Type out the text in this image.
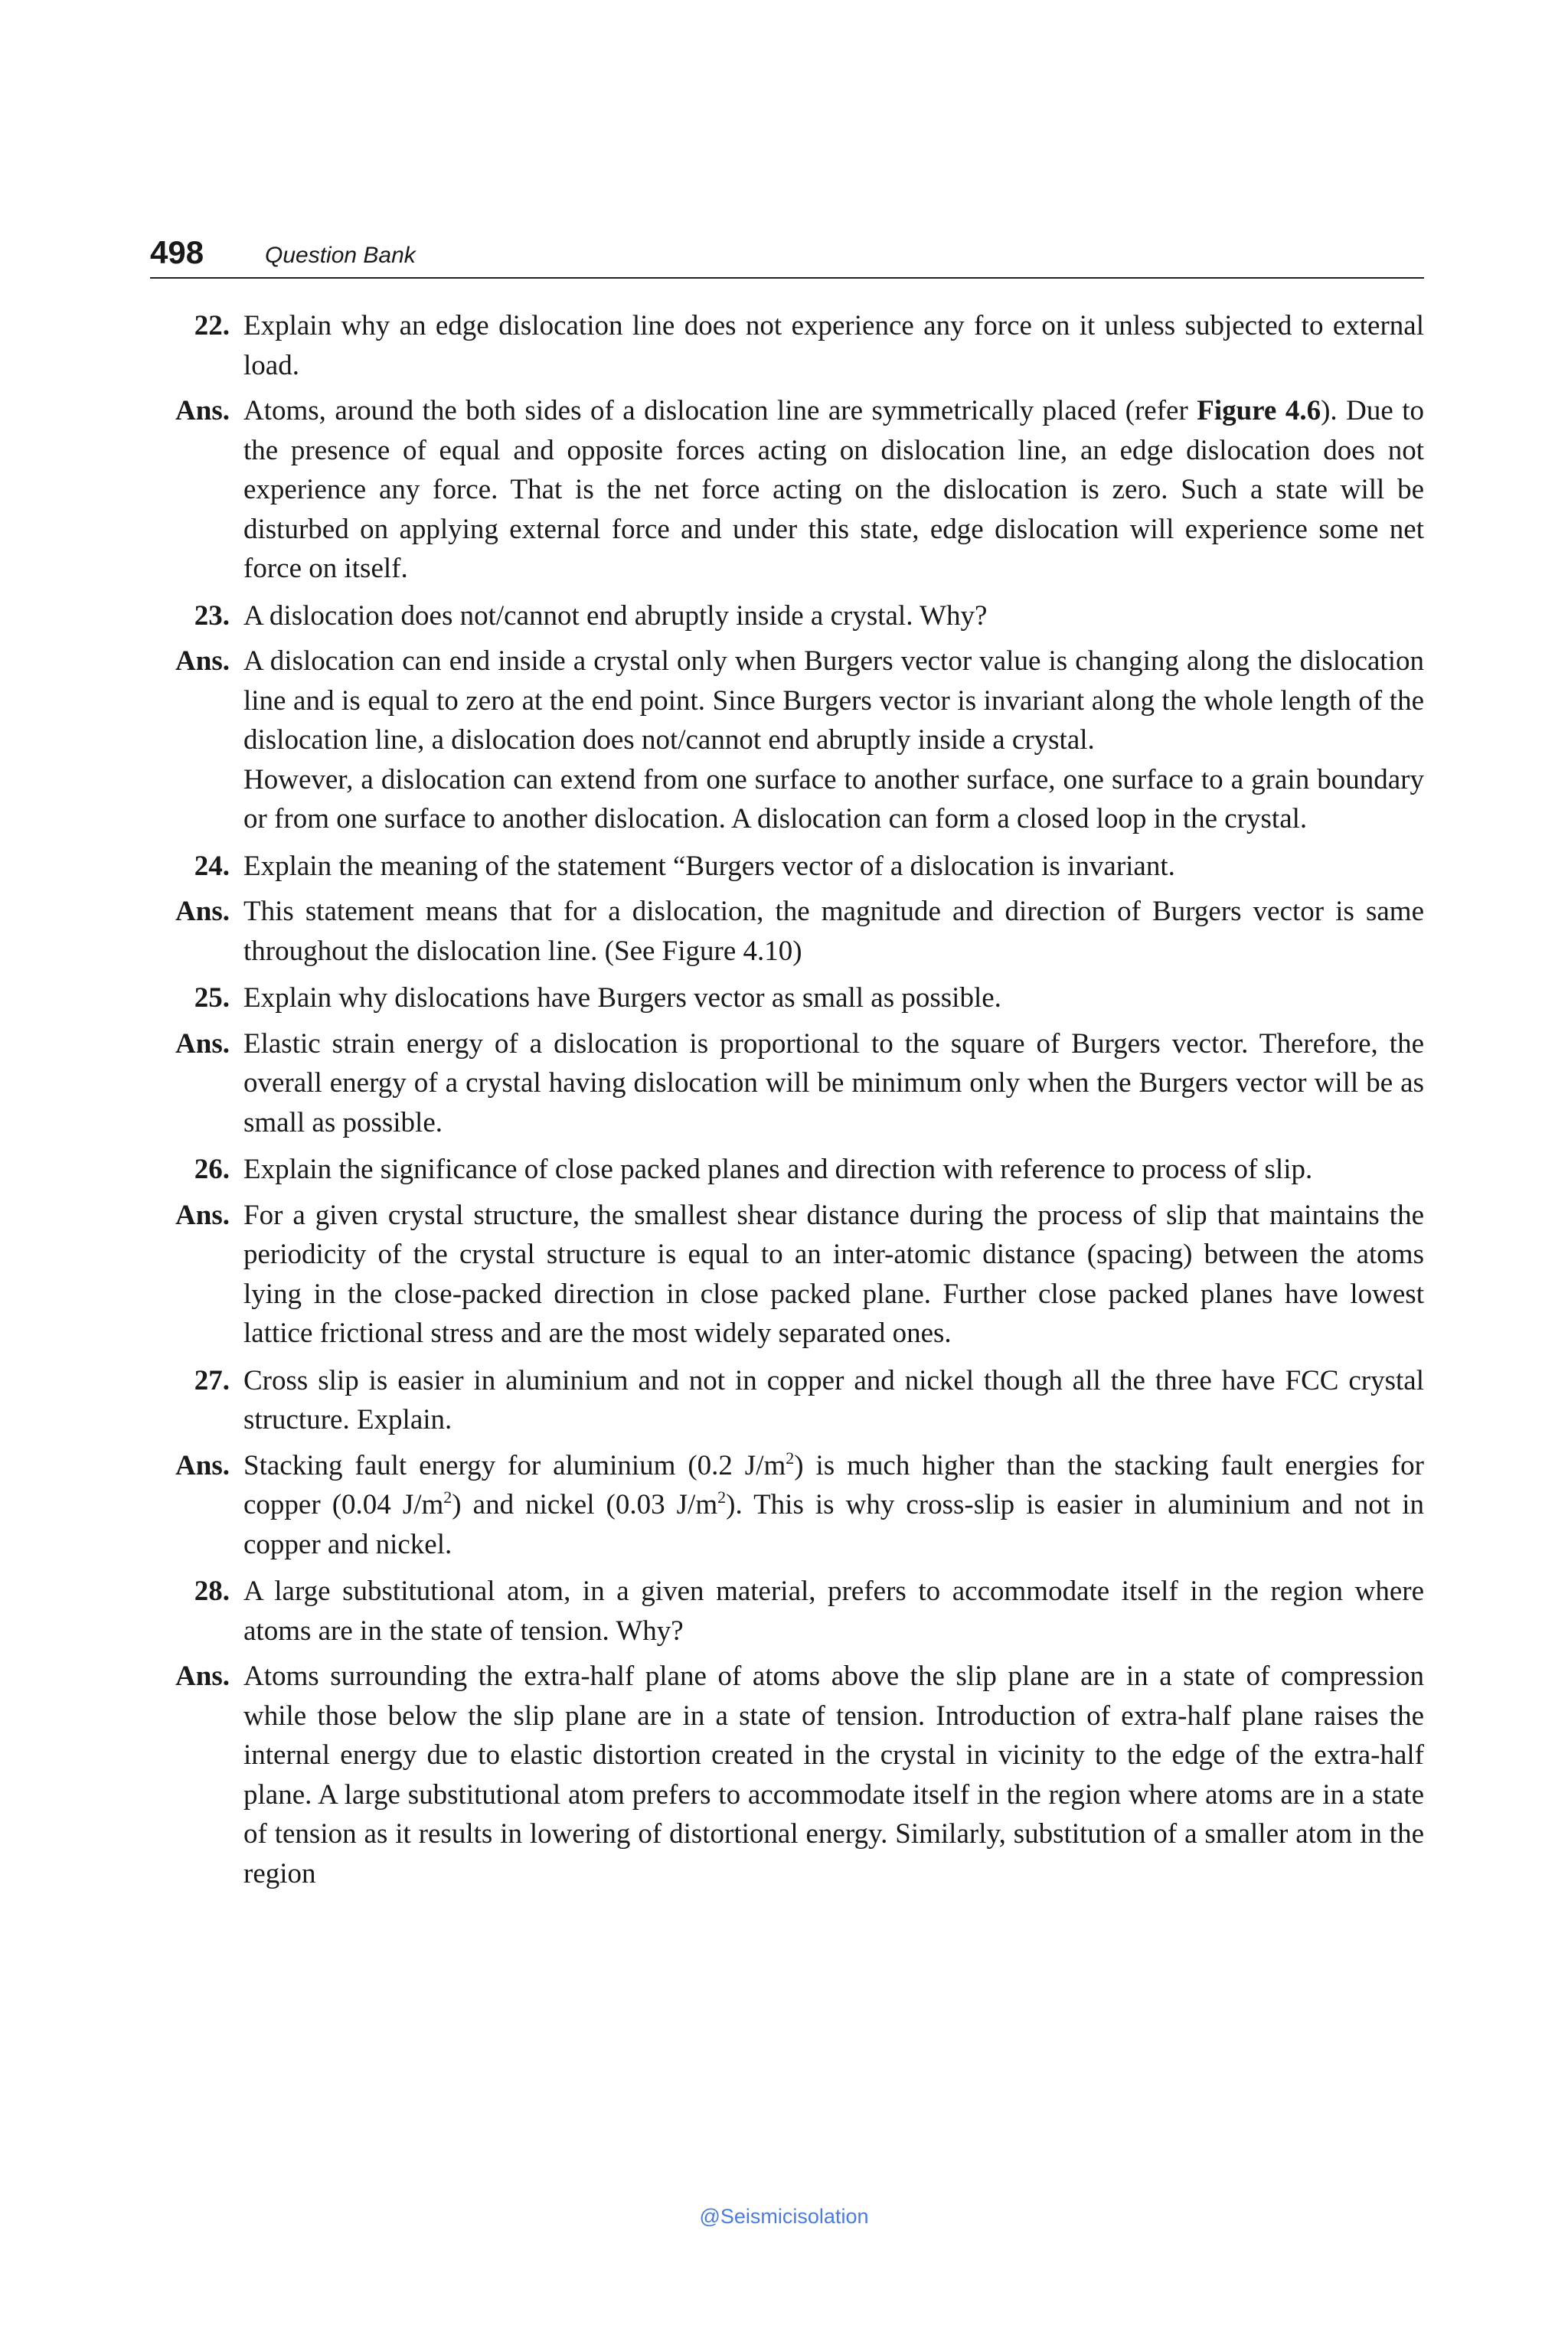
498	Question Bank
22. Explain why an edge dislocation line does not experience any force on it unless subjected to external load.
Ans. Atoms, around the both sides of a dislocation line are symmetrically placed (refer Figure 4.6). Due to the presence of equal and opposite forces acting on dislocation line, an edge dislocation does not experience any force. That is the net force acting on the dislocation is zero. Such a state will be disturbed on applying external force and under this state, edge dislocation will experience some net force on itself.
23. A dislocation does not/cannot end abruptly inside a crystal. Why?
Ans. A dislocation can end inside a crystal only when Burgers vector value is changing along the dislocation line and is equal to zero at the end point. Since Burgers vector is invariant along the whole length of the dislocation line, a dislocation does not/cannot end abruptly inside a crystal.
However, a dislocation can extend from one surface to another surface, one surface to a grain boundary or from one surface to another dislocation. A dislocation can form a closed loop in the crystal.
24. Explain the meaning of the statement “Burgers vector of a dislocation is invariant.
Ans. This statement means that for a dislocation, the magnitude and direction of Burgers vector is same throughout the dislocation line. (See Figure 4.10)
25. Explain why dislocations have Burgers vector as small as possible.
Ans. Elastic strain energy of a dislocation is proportional to the square of Burgers vector. Therefore, the overall energy of a crystal having dislocation will be minimum only when the Burgers vector will be as small as possible.
26. Explain the significance of close packed planes and direction with reference to process of slip.
Ans. For a given crystal structure, the smallest shear distance during the process of slip that maintains the periodicity of the crystal structure is equal to an inter-atomic distance (spacing) between the atoms lying in the close-packed direction in close packed plane. Further close packed planes have lowest lattice frictional stress and are the most widely separated ones.
27. Cross slip is easier in aluminium and not in copper and nickel though all the three have FCC crystal structure. Explain.
Ans. Stacking fault energy for aluminium (0.2 $J/m^2$) is much higher than the stacking fault energies for copper (0.04 $J/m^2$) and nickel (0.03 $J/m^2$). This is why cross-slip is easier in aluminium and not in copper and nickel.
28. A large substitutional atom, in a given material, prefers to accommodate itself in the region where atoms are in the state of tension. Why?
Ans. Atoms surrounding the extra-half plane of atoms above the slip plane are in a state of compression while those below the slip plane are in a state of tension. Introduction of extra-half plane raises the internal energy due to elastic distortion created in the crystal in vicinity to the edge of the extra-half plane. A large substitutional atom prefers to accommodate itself in the region where atoms are in a state of tension as it results in lowering of distortional energy. Similarly, substitution of a smaller atom in the region
@Seismicisolation
